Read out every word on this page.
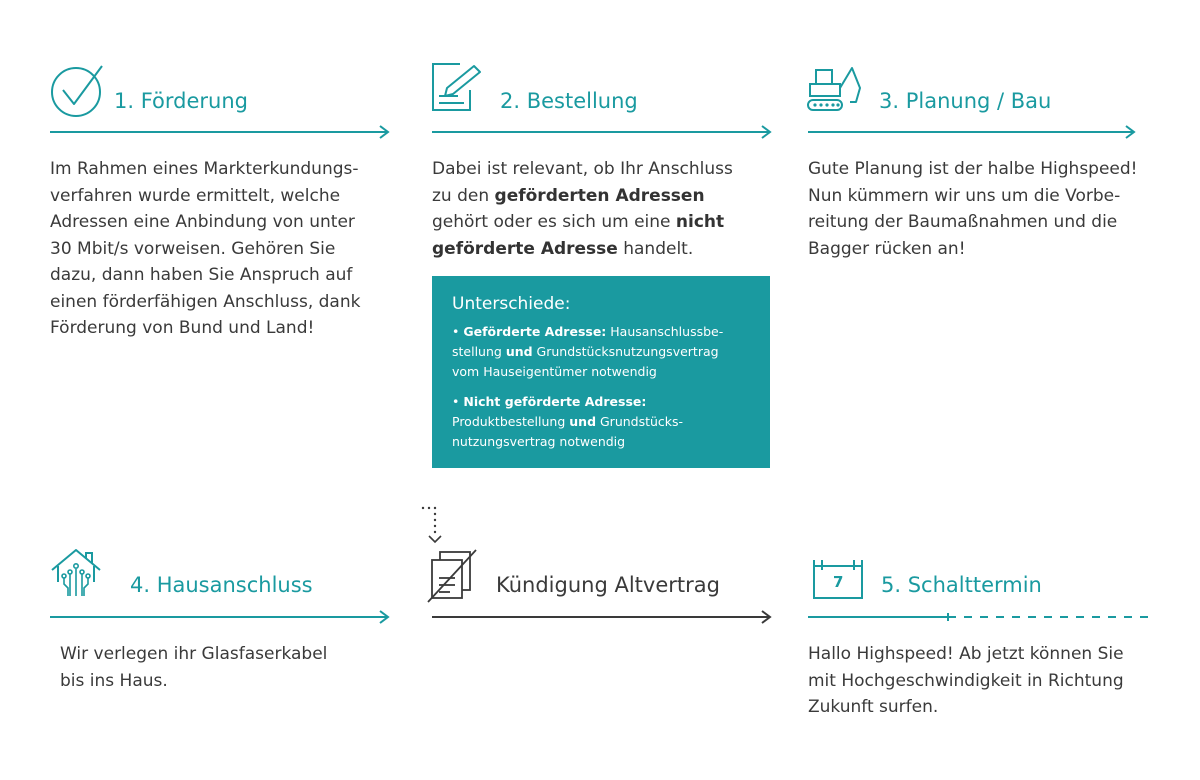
1. Förderung
Im Rahmen eines Markterkundungs-
verfahren wurde ermittelt, welche
Adressen eine Anbindung von unter
30 Mbit/s vorweisen. Gehören Sie
dazu, dann haben Sie Anspruch auf
einen förderfähigen Anschluss, dank
Förderung von Bund und Land!
2. Bestellung
Dabei ist relevant, ob Ihr Anschluss
zu den geförderten Adressen
gehört oder es sich um eine nicht
geförderte Adresse handelt.
Unterschiede:
• Geförderte Adresse: Hausanschlussbe-
stellung und Grundstücksnutzungsvertrag
vom Hauseigentümer notwendig
• Nicht geförderte Adresse:
Produktbestellung und Grundstücks-
nutzungsvertrag notwendig
3. Planung / Bau
Gute Planung ist der halbe Highspeed!
Nun kümmern wir uns um die Vorbe-
reitung der Baumaßnahmen und die
Bagger rücken an!
4. Hausanschluss
Wir verlegen ihr Glasfaserkabel
bis ins Haus.
Kündigung Altvertrag	7 5. Schalttermin
Hallo Highspeed! Ab jetzt können Sie
mit Hochgeschwindigkeit in Richtung
Zukunft surfen.
